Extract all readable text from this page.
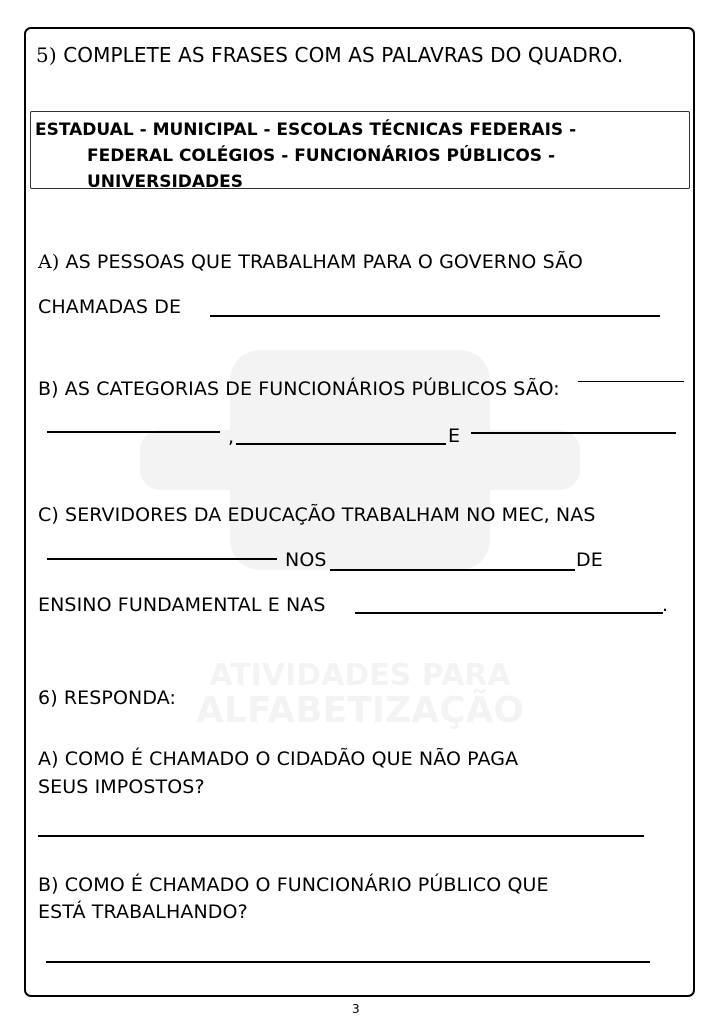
5) COMPLETE AS FRASES COM AS PALAVRAS DO QUADRO.
ESTADUAL - MUNICIPAL - ESCOLAS TÉCNICAS FEDERAIS -
FEDERAL COLÉGIOS - FUNCIONÁRIOS PÚBLICOS -
UNIVERSIDADES
A) AS PESSOAS QUE TRABALHAM PARA O GOVERNO SÃO
CHAMADAS DE
B) AS CATEGORIAS DE FUNCIONÁRIOS PÚBLICOS SÃO:
,	E
C) SERVIDORES DA EDUCAÇÃO TRABALHAM NO MEC, NAS
NOS	DE
ENSINO FUNDAMENTAL E NAS	.
6) RESPONDA:
A) COMO É CHAMADO O CIDADÃO QUE NÃO PAGA
SEUS IMPOSTOS?
B) COMO É CHAMADO O FUNCIONÁRIO PÚBLICO QUE
ESTÁ TRABALHANDO?
3
